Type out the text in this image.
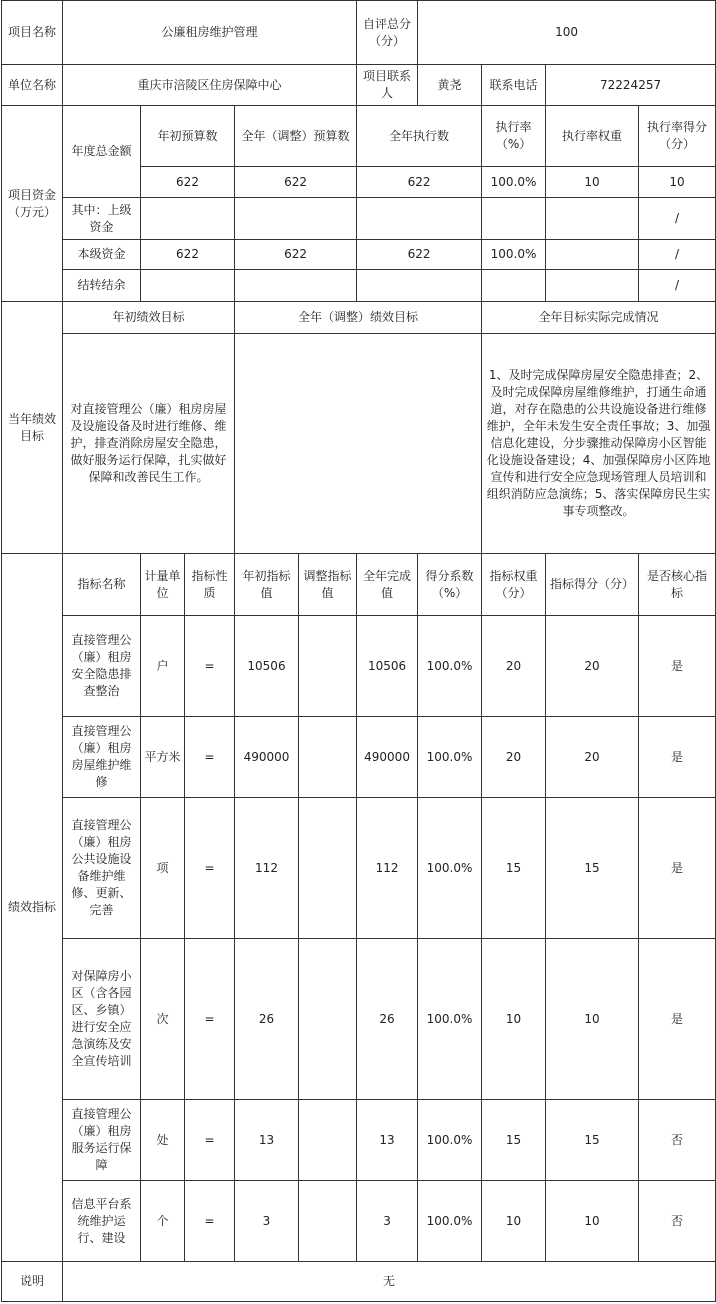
项目名称	公廉租房维护管理					自评总分（分）	100			
单位名称	重庆市涪陵区住房保障中心					项目联系人	黄尧	联系电话	72224257	
项目资金（万元）	年度总金额	年初预算数		全年（调整）预算数		全年执行数		执行率（%）	执行率权重	执行率得分（分）
		622		622		622		100.0%	10	10
	其中：上级资金									/
	本级资金	622		622		622		100.0%		/
	结转结余									/

当年绩效目标	年初绩效目标			全年（调整）绩效目标				全年目标实际完成情况		
	对直接管理公（廉）租房房屋及设施设备及时进行维修、维护，排查消除房屋安全隐患，做好服务运行保障，扎实做好保障和改善民生工作。							1、及时完成保障房屋安全隐患排查；2、及时完成保障房屋维修维护，打通生命通道，对存在隐患的公共设施设备进行维修维护，全年未发生安全责任事故；3、加强信息化建设，分步骤推动保障房小区智能化设施设备建设；4、加强保障房小区阵地宣传和进行安全应急现场管理人员培训和组织消防应急演练；5、落实保障房民生实事专项整改。		
绩效指标	指标名称	计量单位	指标性质	年初指标值	调整指标值	全年完成值	得分系数（%）	指标权重（分）	指标得分（分）	是否核心指标
	直接管理公（廉）租房安全隐患排查整治	户	=	10506		10506	100.0%	20	20	是
	直接管理公（廉）租房房屋维护维修	平方米	=	490000		490000	100.0%	20	20	是
	直接管理公（廉）租房公共设施设备维护维修、更新、完善	项	=	112		112	100.0%	15	15	是
	对保障房小区（含各园区、乡镇）进行安全应急演练及安全宣传培训	次	=	26		26	100.0%	10	10	是
	直接管理公（廉）租房服务运行保障	处	=	13		13	100.0%	15	15	否
	信息平台系统维护运行、建设	个	=	3		3	100.0%	10	10	否
说明	无									
